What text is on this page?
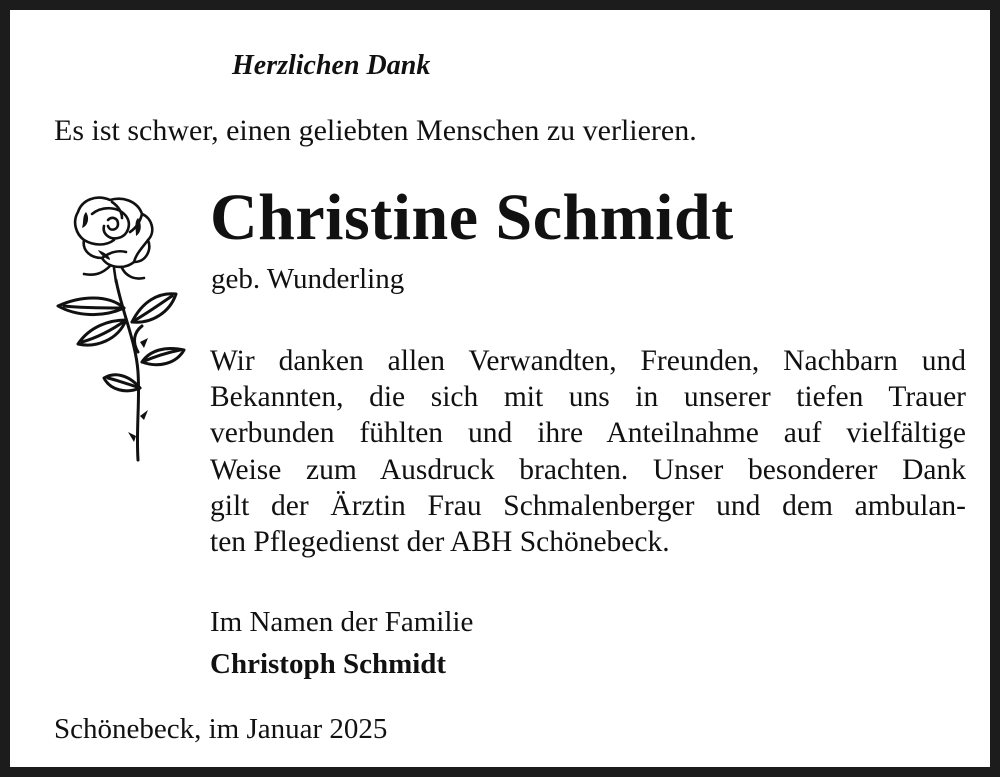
Herzlichen Dank
Es ist schwer, einen geliebten Menschen zu verlieren.
Christine Schmidt
geb. Wunderling
Wir danken allen Verwandten, Freunden, Nachbarn und
Bekannten, die sich mit uns in unserer tiefen Trauer
verbunden fühlten und ihre Anteilnahme auf vielfältige
Weise zum Ausdruck brachten. Unser besonderer Dank
gilt der Ärztin Frau Schmalenberger und dem ambulan-
ten Pflegedienst der ABH Schönebeck.
Im Namen der Familie
Christoph Schmidt
Schönebeck, im Januar 2025
